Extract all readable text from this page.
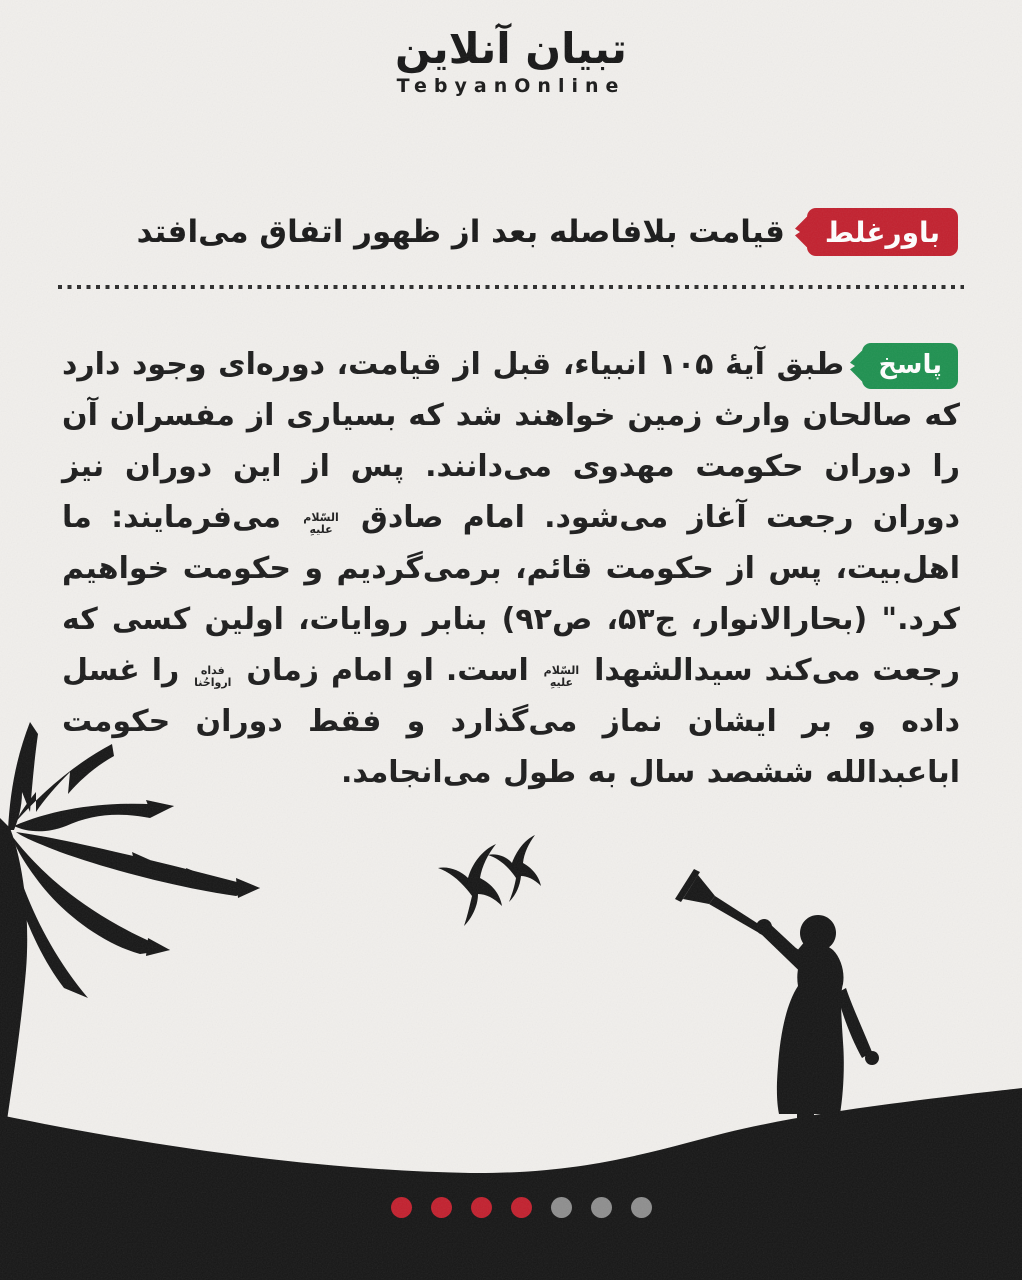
تبیان آنلاین
TebyanOnline
باورغلط
قیامت بلافاصله بعد از ظهور اتفاق می‌افتد

پاسخطبق آیهٔ ۱۰۵ انبیاء، قبل از قیامت، دوره‌ای وجود دارد که صالحان وارث زمین خواهند شد که بسیاری از مفسران آن را دوران حکومت مهدوی می‌دانند. پس از این دوران نیز دوران رجعت آغاز می‌شود. امام صادق
السّلام
علیهِ
می‌فرمایند: ما اهل‌بیت، پس از حکومت قائم، برمی‌گردیم و حکومت خواهیم کرد." (بحارالانوار، ج۵۳، ص۹۲) بنابر روایات، اولین کسی که رجعت می‌کند سیدالشهدا
السّلام
علیهِ
است. او امام زمان
فداه
ارواحُنا
را غسل داده و بر ایشان نماز می‌گذارد و فقط دوران حکومت اباعبدالله ششصد سال به طول می‌انجامد.
